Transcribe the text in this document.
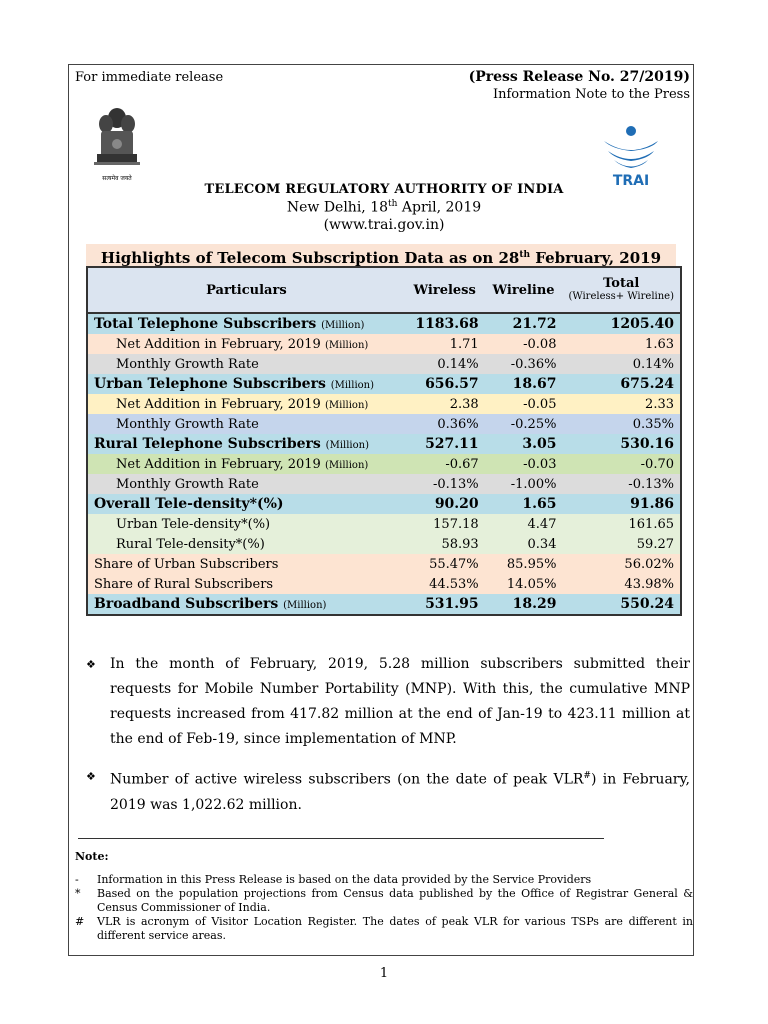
For immediate release	(Press Release No. 27/2019)
Information Note to the Press
सत्यमेव जयते	TRAI
TELECOM REGULATORY AUTHORITY OF INDIA
New Delhi, 18th April, 2019
(www.trai.gov.in)
Highlights of Telecom Subscription Data as on 28th February, 2019
Particulars	Wireless	Wireline	Total
(Wireless+ Wireline)
Total Telephone Subscribers (Million)	1183.68	21.72	1205.40
Net Addition in February, 2019 (Million)	1.71	-0.08	1.63
Monthly Growth Rate	0.14%	-0.36%	0.14%
Urban Telephone Subscribers (Million)	656.57	18.67	675.24
Net Addition in February, 2019 (Million)	2.38	-0.05	2.33
Monthly Growth Rate	0.36%	-0.25%	0.35%
Rural Telephone Subscribers (Million)	527.11	3.05	530.16
Net Addition in February, 2019 (Million)	-0.67	-0.03	-0.70
Monthly Growth Rate	-0.13%	-1.00%	-0.13%
Overall Tele-density*(%)	90.20	1.65	91.86
Urban Tele-density*(%)	157.18	4.47	161.65
Rural Tele-density*(%)	58.93	0.34	59.27
Share of Urban Subscribers	55.47%	85.95%	56.02%
Share of Rural Subscribers	44.53%	14.05%	43.98%
Broadband Subscribers (Million)	531.95	18.29	550.24
❖ In the month of February, 2019, 5.28 million subscribers submitted their requests for Mobile Number Portability (MNP). With this, the cumulative MNP requests increased from 417.82 million at the end of Jan-19 to 423.11 million at the end of Feb-19, since implementation of MNP.
❖ Number of active wireless subscribers (on the date of peak VLR#) in February, 2019 was 1,022.62 million.
Note:
- Information in this Press Release is based on the data provided by the Service Providers
* Based on the population projections from Census data published by the Office of Registrar General & Census Commissioner of India.
# VLR is acronym of Visitor Location Register. The dates of peak VLR for various TSPs are different in different service areas.
1
